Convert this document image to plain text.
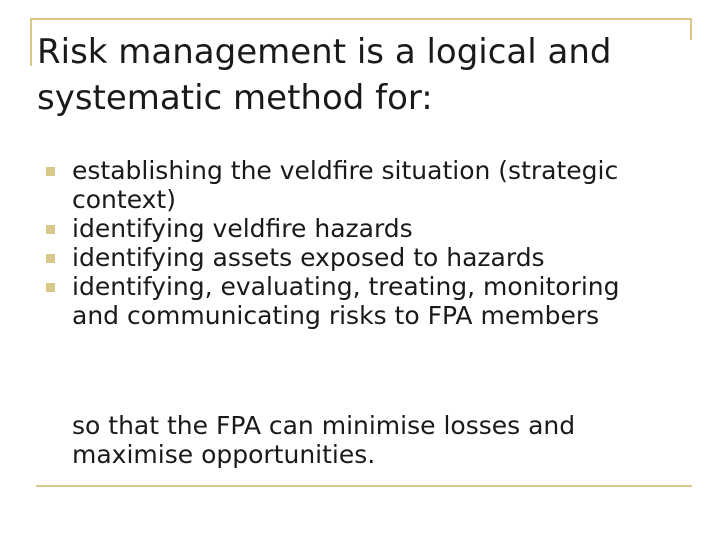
Risk management is a logical and systematic method for:
establishing the veldfire situation (strategic context)
identifying veldfire hazards
identifying assets exposed to hazards
identifying, evaluating, treating, monitoring and communicating risks to FPA members

so that the FPA can minimise losses and maximise opportunities.
